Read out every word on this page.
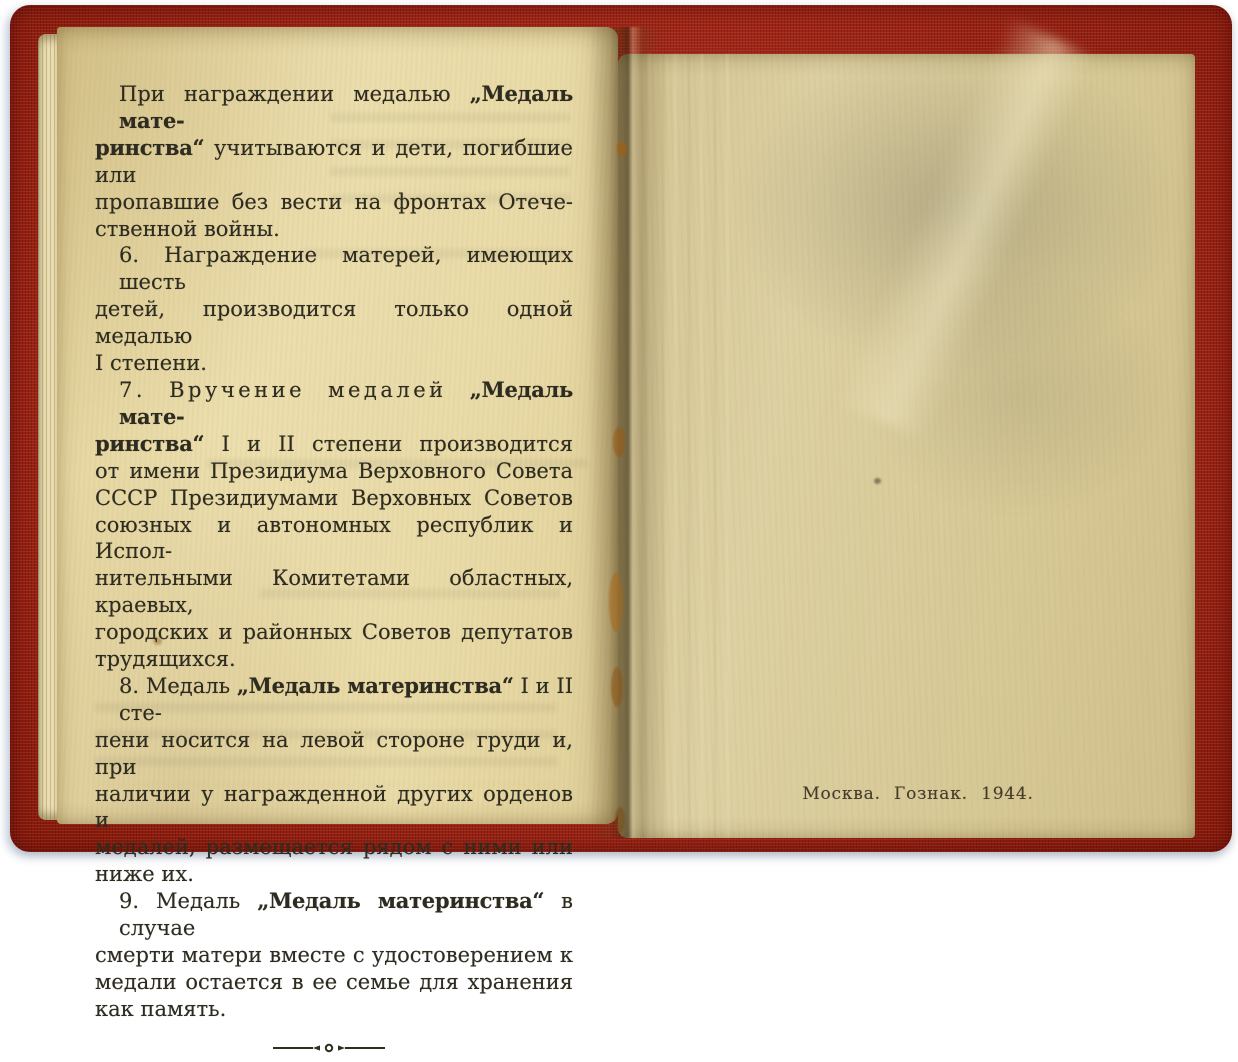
При награждении медалью „Медаль мате-
ринства“ учитываются и дети, погибшие или
пропавшие без вести на фронтах Отече-
ственной войны.
6. Награждение матерей, имеющих шесть
детей, производится только одной медалью
I степени.
7. Вручение медалей „Медаль мате-
ринства“ I и II степени производится
от имени Президиума Верховного Совета
СССР Президиумами Верховных Советов
союзных и автономных республик и Испол-
нительными Комитетами областных, краевых,
городских и районных Советов депутатов
трудящихся.
8. Медаль „Медаль материнства“ I и II сте-
пени носится на левой стороне груди и, при
наличии у награжденной других орденов и
медалей, размещается рядом с ними или
ниже их.
9. Медаль „Медаль материнства“ в случае
смерти матери вместе с удостоверением к
медали остается в ее семье для хранения
как память.
Москва. Гознак. 1944.
